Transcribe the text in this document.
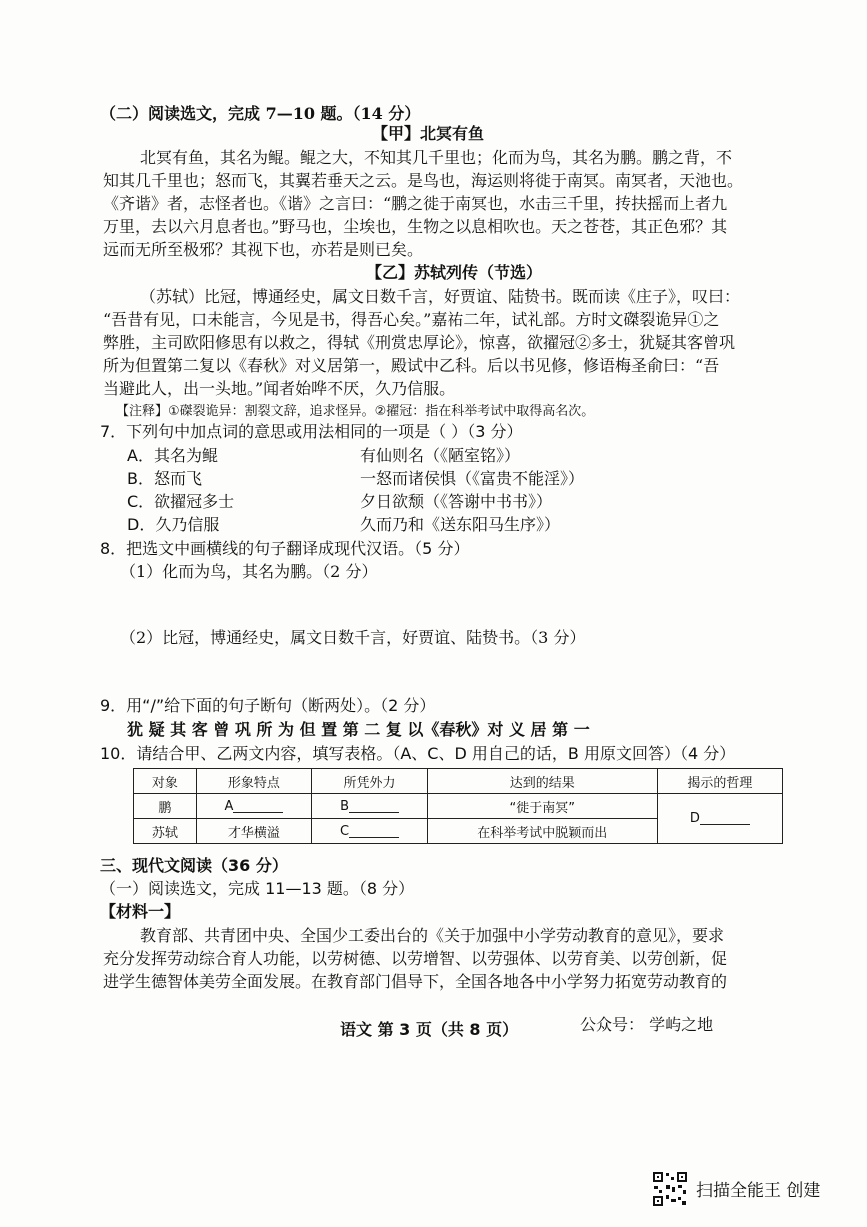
（二）阅读选文，完成 7—10 题。（14 分）
【甲】北冥有鱼
北冥有鱼，其名为鲲。鲲之大，不知其几千里也；化而为鸟，其名为鹏。鹏之背，不
知其几千里也；怒而飞，其翼若垂天之云。是鸟也，海运则将徙于南冥。南冥者，天池也。
《齐谐》者，志怪者也。《谐》之言曰：“鹏之徙于南冥也，水击三千里，抟扶摇而上者九
万里，去以六月息者也。”野马也，尘埃也，生物之以息相吹也。天之苍苍，其正色邪？其
远而无所至极邪？其视下也，亦若是则已矣。
【乙】苏轼列传（节选）
（苏轼）比冠，博通经史，属文日数千言，好贾谊、陆贽书。既而读《庄子》，叹曰：
“吾昔有见，口未能言，今见是书，得吾心矣。”嘉祐二年，试礼部。方时文磔裂诡异①之
弊胜，主司欧阳修思有以救之，得轼《刑赏忠厚论》，惊喜，欲擢冠②多士，犹疑其客曾巩
所为但置第二复以《春秋》对义居第一，殿试中乙科。后以书见修，修语梅圣俞曰：“吾
当避此人，出一头地。”闻者始哗不厌，久乃信服。
【注释】①磔裂诡异：割裂文辞，追求怪异。②擢冠：指在科举考试中取得高名次。
7．下列句中加点词的意思或用法相同的一项是（ ）（3 分）
A．其名为鲲	有仙则名（《陋室铭》）
B．怒而飞	一怒而诸侯惧（《富贵不能淫》）
C．欲擢冠多士	夕日欲颓（《答谢中书书》）
D．久乃信服	久而乃和《送东阳马生序》）
8．把选文中画横线的句子翻译成现代汉语。（5 分）
（1）化而为鸟，其名为鹏。（2 分）
（2）比冠，博通经史，属文日数千言，好贾谊、陆贽书。（3 分）
9．用“/”给下面的句子断句（断两处）。（2 分）
犹 疑 其 客 曾 巩 所 为 但 置 第 二 复 以《春秋》对 义 居 第 一
10．请结合甲、乙两文内容，填写表格。（A、C、D 用自己的话，B 用原文回答）（4 分）
对象	形象特点	所凭外力	达到的结果	揭示的哲理
鹏	A	B	“徙于南冥”	D
苏轼	才华横溢	C	在科举考试中脱颖而出	
三、现代文阅读（36 分）
（一）阅读选文，完成 11—13 题。（8 分）
【材料一】
教育部、共青团中央、全国少工委出台的《关于加强中小学劳动教育的意见》，要求
充分发挥劳动综合育人功能，以劳树德、以劳增智、以劳强体、以劳育美、以劳创新，促
进学生德智体美劳全面发展。在教育部门倡导下，全国各地各中小学努力拓宽劳动教育的
语文 第 3 页（共 8 页）	公众号： 学屿之地
扫描全能王 创建
